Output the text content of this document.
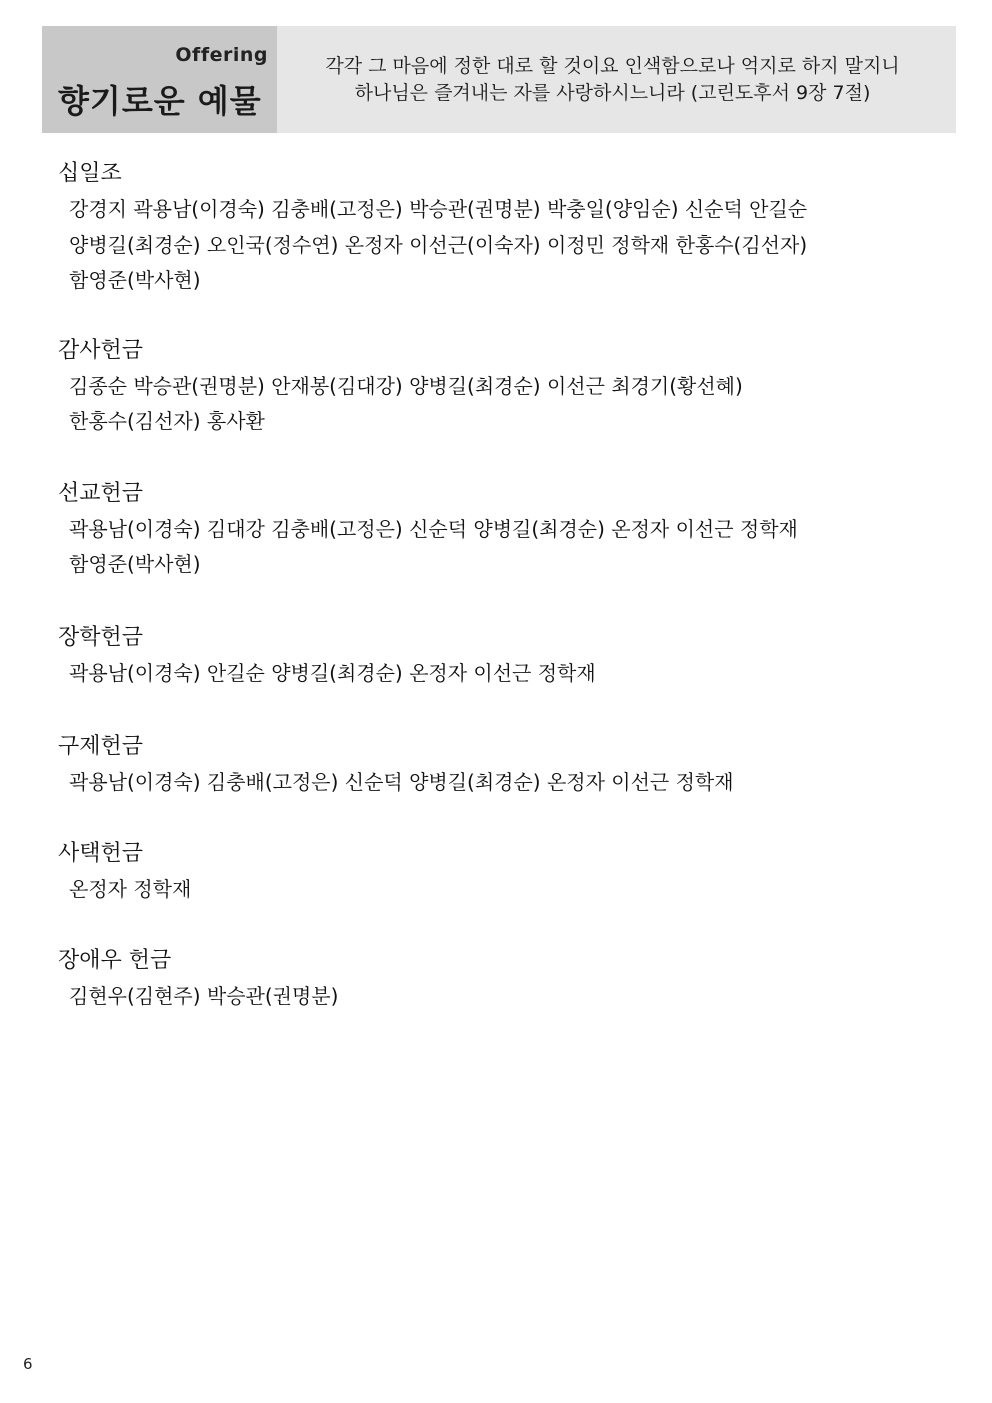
Offering
향기로운 예물
각각 그 마음에 정한 대로 할 것이요 인색함으로나 억지로 하지 말지니
하나님은 즐겨내는 자를 사랑하시느니라 (고린도후서 9장 7절)
십일조
강경지 곽용남(이경숙) 김충배(고정은) 박승관(권명분) 박충일(양임순) 신순덕 안길순
양병길(최경순) 오인국(정수연) 온정자 이선근(이숙자) 이정민 정학재 한홍수(김선자)
함영준(박사현)
감사헌금
김종순 박승관(권명분) 안재봉(김대강) 양병길(최경순) 이선근 최경기(황선혜)
한홍수(김선자) 홍사환
선교헌금
곽용남(이경숙) 김대강 김충배(고정은) 신순덕 양병길(최경순) 온정자 이선근 정학재
함영준(박사현)
장학헌금
곽용남(이경숙) 안길순 양병길(최경순) 온정자 이선근 정학재
구제헌금
곽용남(이경숙) 김충배(고정은) 신순덕 양병길(최경순) 온정자 이선근 정학재
사택헌금
온정자 정학재
장애우 헌금
김현우(김현주) 박승관(권명분)
6
